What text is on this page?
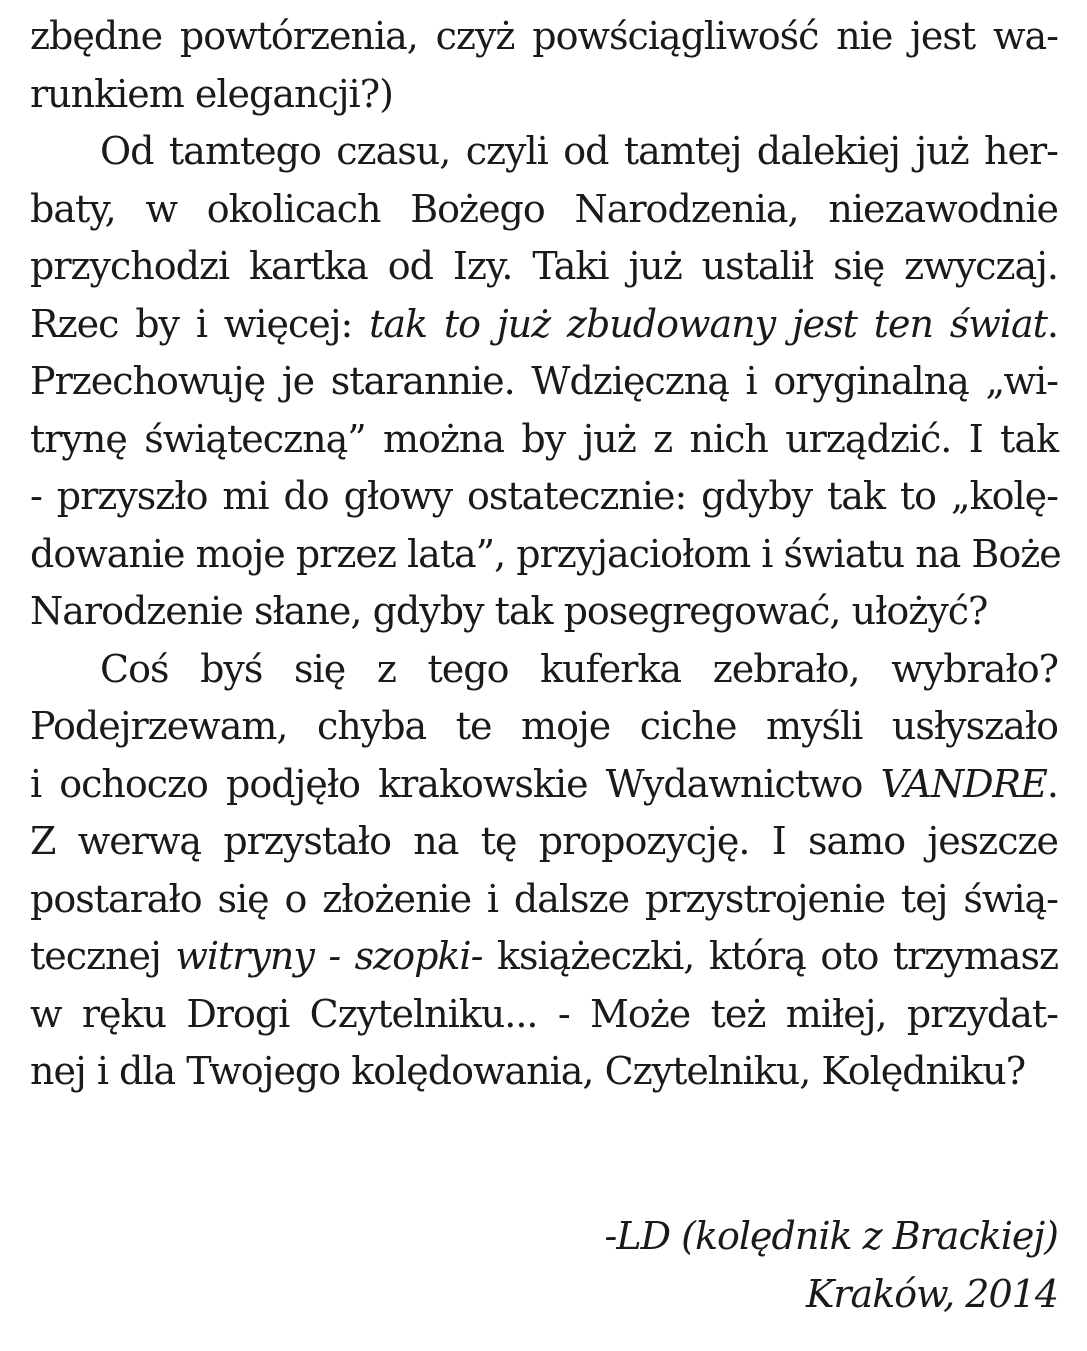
zbędne powtórzenia, czyż powściągliwość nie jest wa-
runkiem elegancji?)
Od tamtego czasu, czyli od tamtej dalekiej już her-
baty, w okolicach Bożego Narodzenia, niezawodnie
przychodzi kartka od Izy. Taki już ustalił się zwyczaj.
Rzec by i więcej: tak to już zbudowany jest ten świat.
Przechowuję je starannie. Wdzięczną i oryginalną „wi-
trynę świąteczną” można by już z nich urządzić. I tak
- przyszło mi do głowy ostatecznie: gdyby tak to „kolę-
dowanie moje przez lata”, przyjaciołom i światu na Boże
Narodzenie słane, gdyby tak posegregować, ułożyć?
Coś byś się z tego kuferka zebrało, wybrało?
Podejrzewam, chyba te moje ciche myśli usłyszało
i ochoczo podjęło krakowskie Wydawnictwo VANDRE.
Z werwą przystało na tę propozycję. I samo jeszcze
postarało się o złożenie i dalsze przystrojenie tej świą-
tecznej witryny - szopki- książeczki, którą oto trzymasz
w ręku Drogi Czytelniku... - Może też miłej, przydat-
nej i dla Twojego kolędowania, Czytelniku, Kolędniku?
-LD (kolędnik z Brackiej)
Kraków, 2014
